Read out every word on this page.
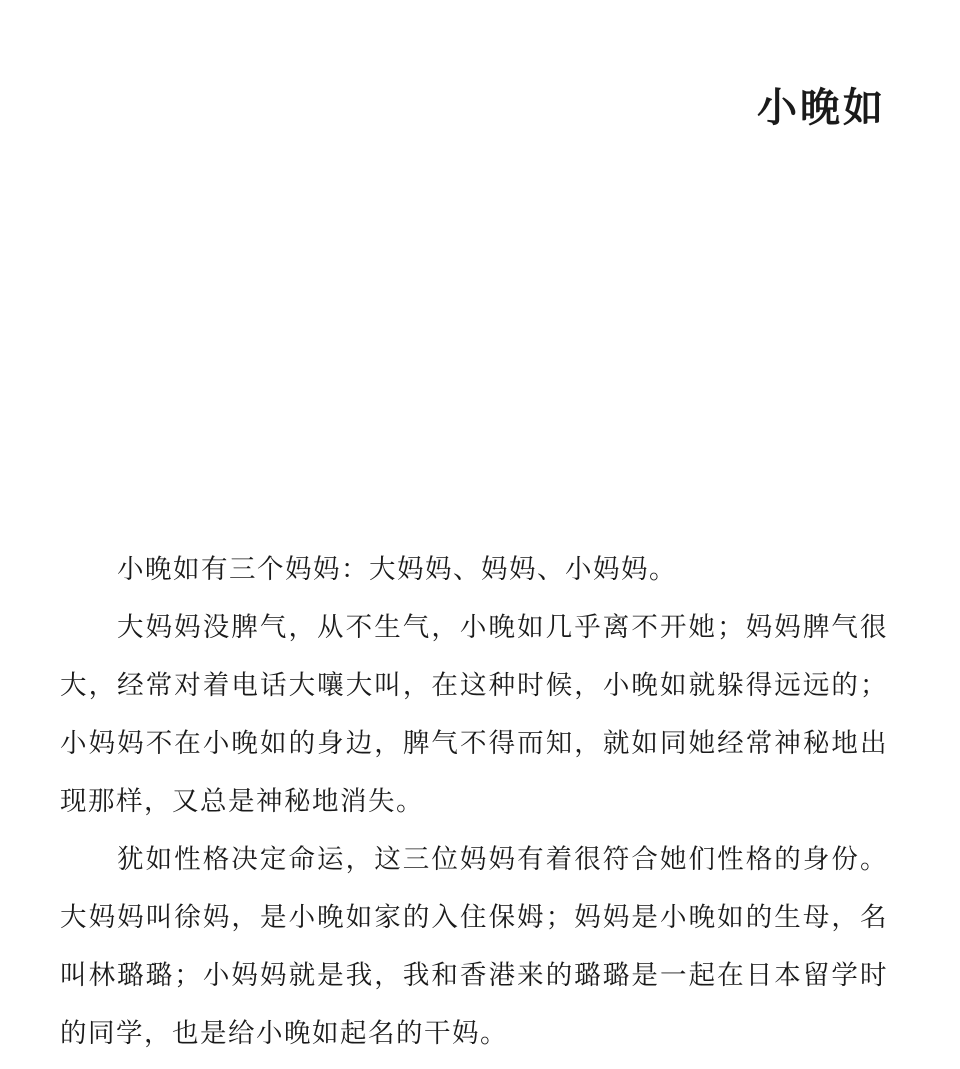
小晚如

小晚如有三个妈妈：大妈妈、妈妈、小妈妈。

大妈妈没脾气，从不生气，小晚如几乎离不开她；妈妈脾气很大，经常对着电话大嚷大叫，在这种时候，小晚如就躲得远远的；小妈妈不在小晚如的身边，脾气不得而知，就如同她经常神秘地出现那样，又总是神秘地消失。

犹如性格决定命运，这三位妈妈有着很符合她们性格的身份。大妈妈叫徐妈，是小晚如家的入住保姆；妈妈是小晚如的生母，名叫林璐璐；小妈妈就是我，我和香港来的璐璐是一起在日本留学时的同学，也是给小晚如起名的干妈。
